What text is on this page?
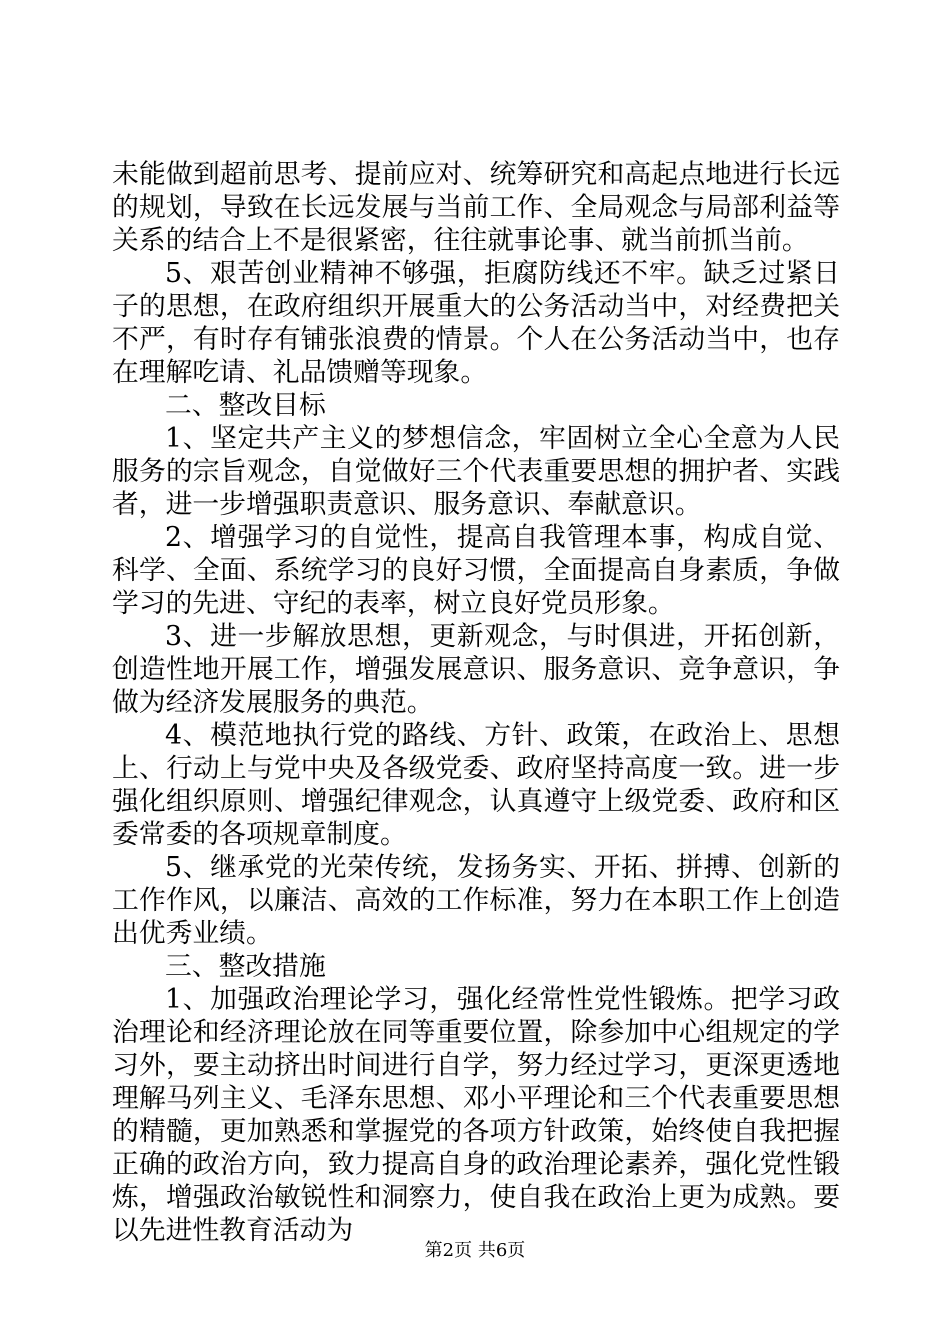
未能做到超前思考、提前应对、统筹研究和高起点地进行长远的规划，导致在长远发展与当前工作、全局观念与局部利益等关系的结合上不是很紧密，往往就事论事、就当前抓当前。

5、艰苦创业精神不够强，拒腐防线还不牢。缺乏过紧日子的思想，在政府组织开展重大的公务活动当中，对经费把关不严，有时存有铺张浪费的情景。个人在公务活动当中，也存在理解吃请、礼品馈赠等现象。

二、整改目标

1、坚定共产主义的梦想信念，牢固树立全心全意为人民服务的宗旨观念，自觉做好三个代表重要思想的拥护者、实践者，进一步增强职责意识、服务意识、奉献意识。

2、增强学习的自觉性，提高自我管理本事，构成自觉、科学、全面、系统学习的良好习惯，全面提高自身素质，争做学习的先进、守纪的表率，树立良好党员形象。

3、进一步解放思想，更新观念，与时俱进，开拓创新，创造性地开展工作，增强发展意识、服务意识、竞争意识，争做为经济发展服务的典范。

4、模范地执行党的路线、方针、政策，在政治上、思想上、行动上与党中央及各级党委、政府坚持高度一致。进一步强化组织原则、增强纪律观念，认真遵守上级党委、政府和区委常委的各项规章制度。

5、继承党的光荣传统，发扬务实、开拓、拼搏、创新的工作作风，以廉洁、高效的工作标准，努力在本职工作上创造出优秀业绩。

三、整改措施

1、加强政治理论学习，强化经常性党性锻炼。把学习政治理论和经济理论放在同等重要位置，除参加中心组规定的学习外，要主动挤出时间进行自学，努力经过学习，更深更透地理解马列主义、毛泽东思想、邓小平理论和三个代表重要思想的精髓，更加熟悉和掌握党的各项方针政策，始终使自我把握正确的政治方向，致力提高自身的政治理论素养，强化党性锻炼，增强政治敏锐性和洞察力，使自我在政治上更为成熟。要以先进性教育活动为

第2页 共6页
